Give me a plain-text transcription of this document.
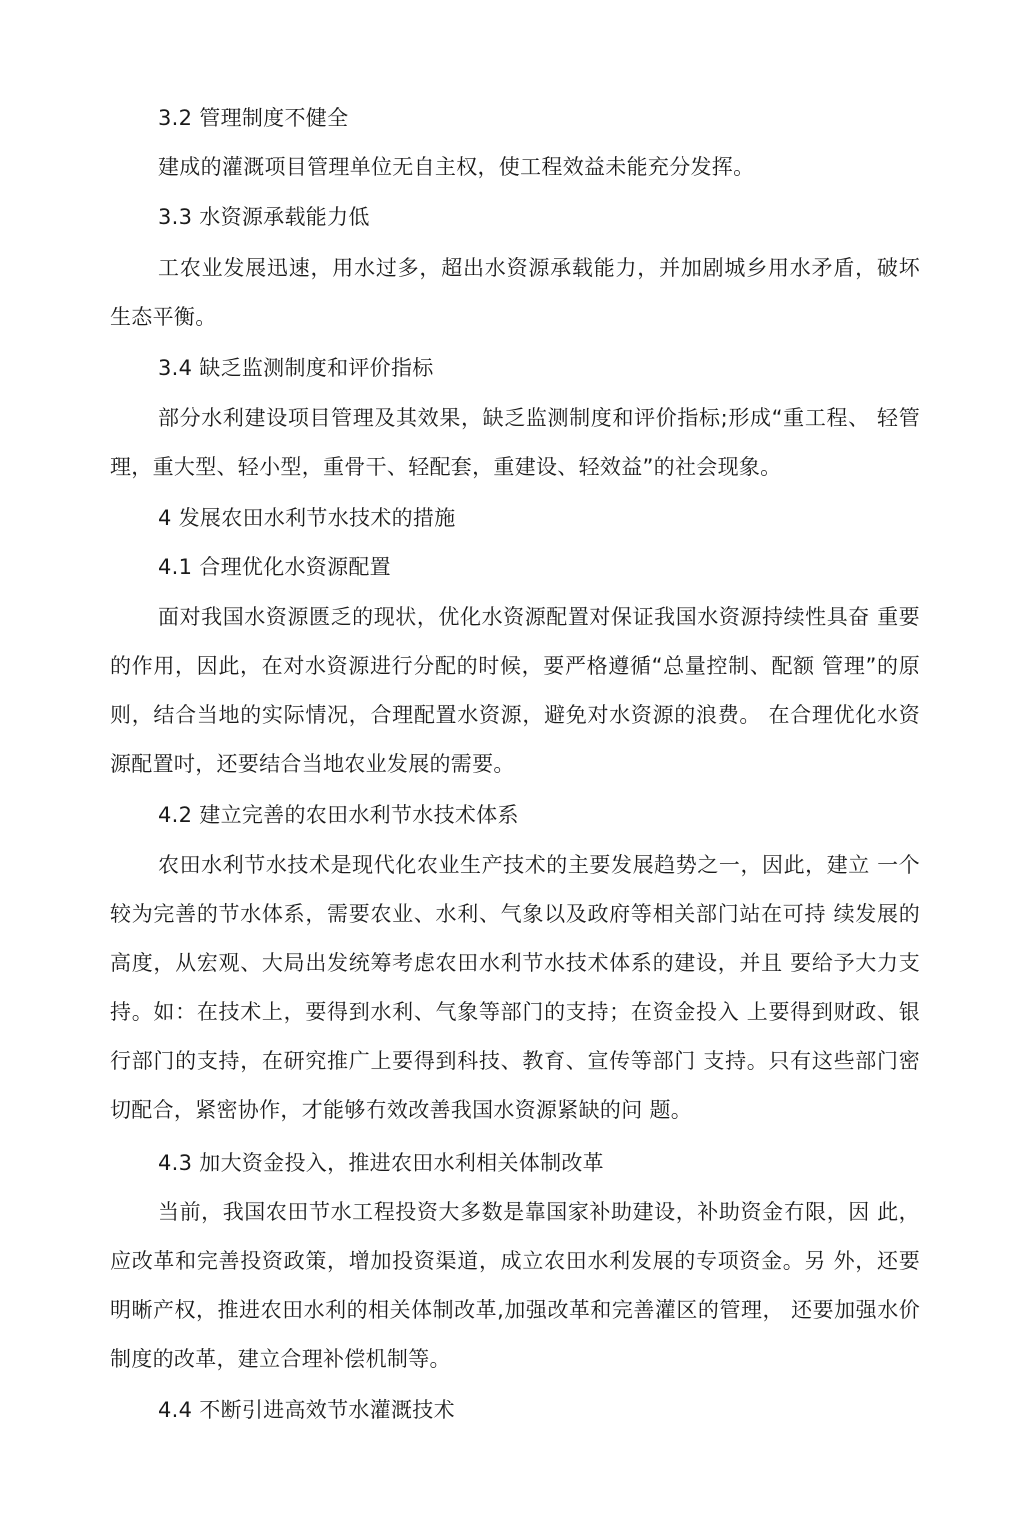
3.2 管理制度不健全

建成的灌溉项目管理单位无自主权，使工程效益未能充分发挥。

3.3 水资源承载能力低

工农业发展迅速，用水过多，超出水资源承载能力，并加剧城乡用水矛盾，破坏生态平衡。

3.4 缺乏监测制度和评价指标

部分水利建设项目管理及其效果，缺乏监测制度和评价指标;形成“重工程、 轻管理，重大型、轻小型，重骨干、轻配套，重建设、轻效益”的社会现象。

4 发展农田水利节水技术的措施

4.1 合理优化水资源配置

面对我国水资源匮乏的现状，优化水资源配置对保证我国水资源持续性具奋 重要的作用，因此，在对水资源进行分配的时候，要严格遵循“总量控制、配额 管理”的原则，结合当地的实际情况，合理配置水资源，避免对水资源的浪费。 在合理优化水资源配置吋，还要结合当地农业发展的需要。

4.2 建立完善的农田水利节水技术体系

农田水利节水技术是现代化农业生产技术的主要发展趋势之一，因此，建立 一个较为完善的节水体系，需要农业、水利、气象以及政府等相关部门站在可持 续发展的高度，从宏观、大局出发统筹考虑农田水利节水技术体系的建设，并且 要给予大力支持。如：在技术上，要得到水利、气象等部门的支持；在资金投入 上要得到财政、银行部门的支持，在研究推广上要得到科技、教育、宣传等部门 支持。只有这些部门密切配合，紧密协作，才能够冇效改善我国水资源紧缺的问 题。

4.3 加大资金投入，推进农田水利相关体制改革

当前，我国农田节水工程投资大多数是靠国家补助建设，补助资金冇限，因 此，应改革和完善投资政策，增加投资渠道，成立农田水利发展的专项资金。另 外，还要明晰产权，推进农田水利的相关体制改革,加强改革和完善灌区的管理， 还要加强水价制度的改革，建立合理补偿机制等。

4.4 不断引进高效节水灌溉技术
